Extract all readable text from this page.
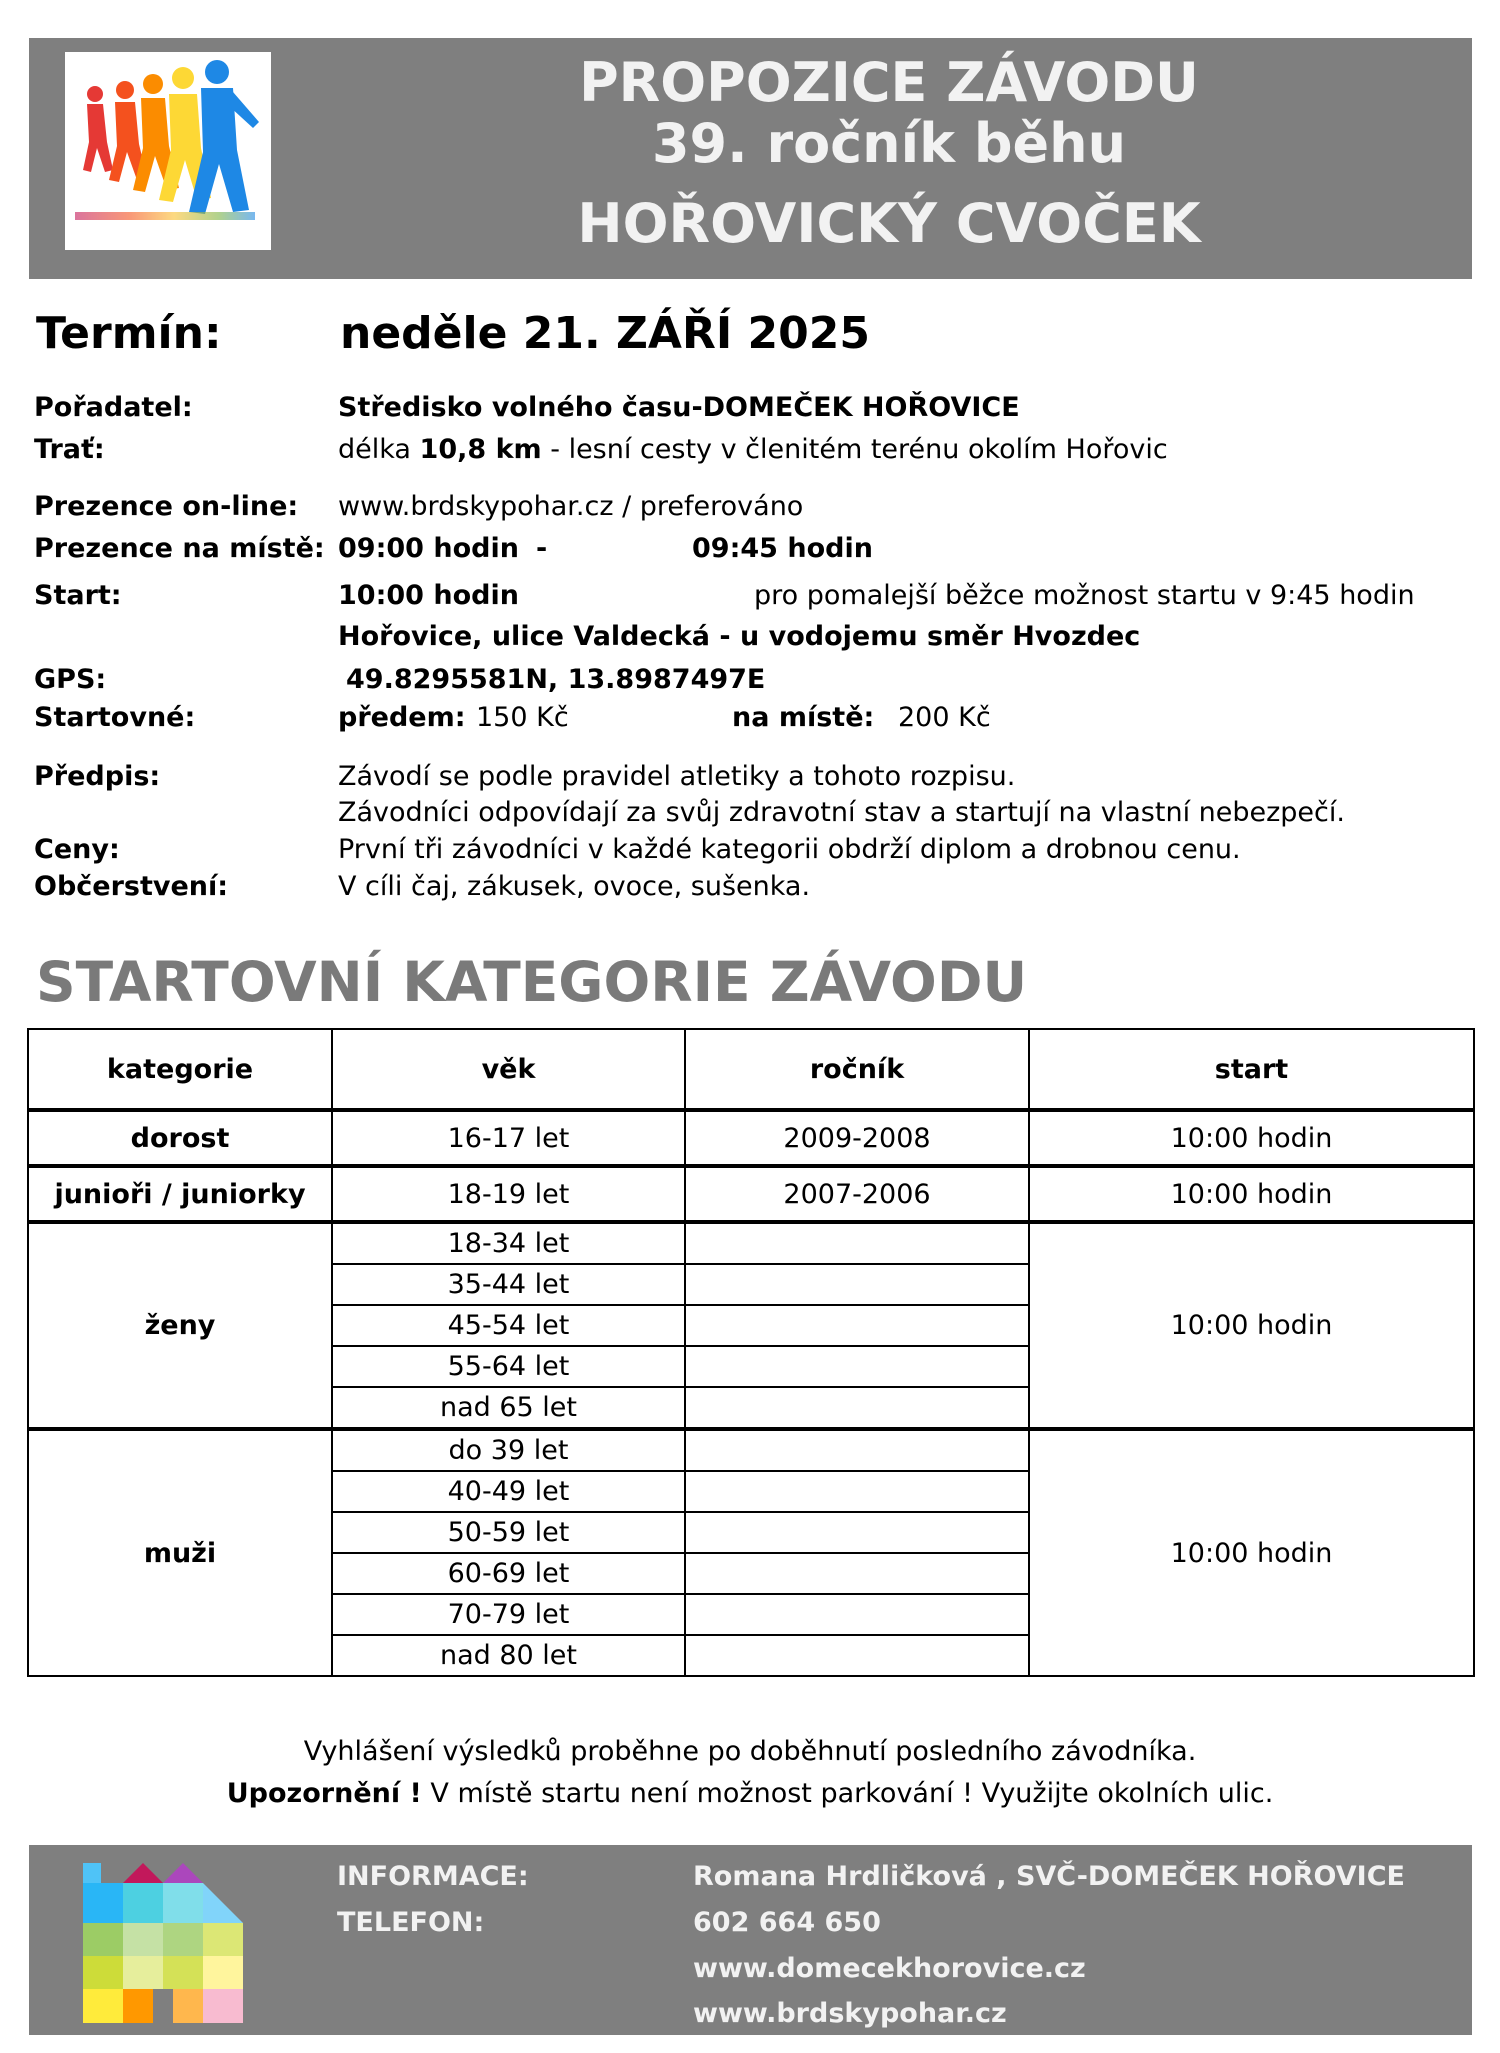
PROPOZICE ZÁVODU
39. ročník běhu
HOŘOVICKÝ CVOČEK
Termín:	neděle 21. ZÁŘÍ 2025
Pořadatel:	Středisko volného času-DOMEČEK HOŘOVICE
Trať:	délka 10,8 km - lesní cesty v členitém terénu okolím Hořovic
Prezence on-line: www.brdskypohar.cz / preferováno
Prezence na místě: 09:00 hodin -	09:45 hodin
Start:	10:00 hodin	pro pomalejší běžce možnost startu v 9:45 hodin
Hořovice, ulice Valdecká - u vodojemu směr Hvozdec
GPS:	49.8295581N, 13.8987497E
Startovné:	předem: 150 Kč	na místě: 200 Kč
Předpis:	Závodí se podle pravidel atletiky a tohoto rozpisu.
Závodníci odpovídají za svůj zdravotní stav a startují na vlastní nebezpečí.
Ceny:	První tři závodníci v každé kategorii obdrží diplom a drobnou cenu.
Občerstvení:	V cíli čaj, zákusek, ovoce, sušenka.
STARTOVNÍ KATEGORIE ZÁVODU
kategorie	věk	ročník	start
dorost	16-17 let	2009-2008	10:00 hodin
junioři / juniorky	18-19 let	2007-2006	10:00 hodin
ženy	18-34 let		10:00 hodin
	35-44 let		
	45-54 let		
	55-64 let		
	nad 65 let		
muži	do 39 let		10:00 hodin
	40-49 let		
	50-59 let		
	60-69 let		
	70-79 let		
	nad 80 let		
Vyhlášení výsledků proběhne po doběhnutí posledního závodníka.
Upozornění ! V místě startu není možnost parkování ! Využijte okolních ulic.
INFORMACE:	Romana Hrdličková , SVČ-DOMEČEK HOŘOVICE
TELEFON:	602 664 650
www.domecekhorovice.cz
www.brdskypohar.cz
